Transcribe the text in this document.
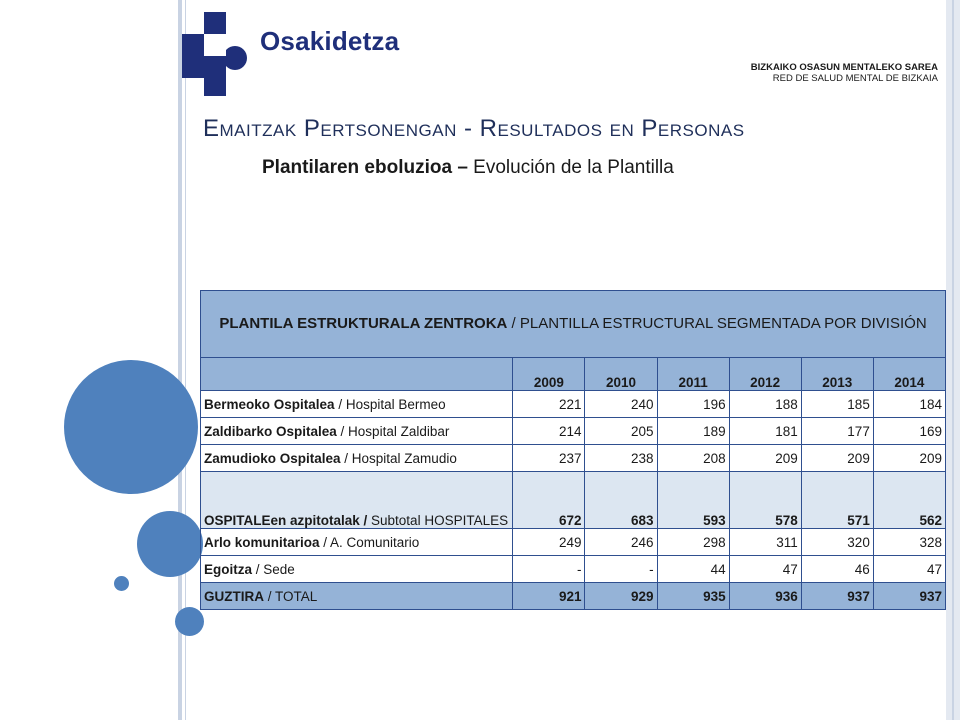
Osakidetza
BIZKAIKO OSASUN MENTALEKO SAREA
RED DE SALUD MENTAL DE BIZKAIA
Emaitzak Pertsonengan - Resultados en Personas
Plantilaren eboluzioa – Evolución de la Plantilla
PLANTILA ESTRUKTURALA ZENTROKA / PLANTILLA ESTRUCTURAL SEGMENTADA POR DIVISIÓN						
	2009	2010	2011	2012	2013	2014
Bermeoko Ospitalea / Hospital Bermeo	221	240	196	188	185	184
Zaldibarko Ospitalea / Hospital Zaldibar	214	205	189	181	177	169
Zamudioko Ospitalea / Hospital Zamudio	237	238	208	209	209	209
OSPITALEen azpitotalak / Subtotal HOSPITALES	672	683	593	578	571	562
Arlo komunitarioa / A. Comunitario	249	246	298	311	320	328
Egoitza / Sede	-	-	44	47	46	47
GUZTIRA / TOTAL	921	929	935	936	937	937
